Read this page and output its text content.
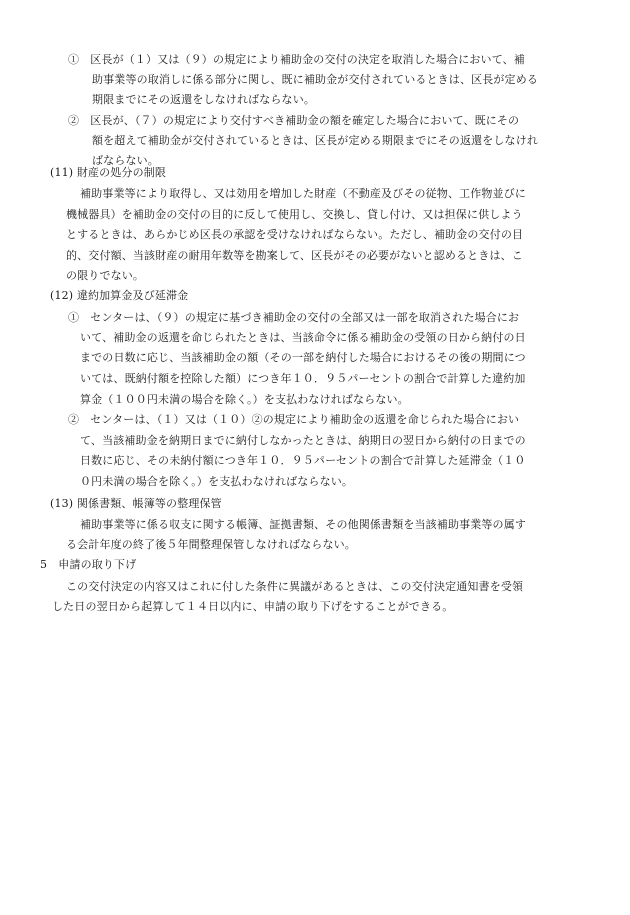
①　区長が（１）又は（９）の規定により補助金の交付の決定を取消した場合において、補
助事業等の取消しに係る部分に関し、既に補助金が交付されているときは、区長が定める
期限までにその返還をしなければならない。
②　区長が、（７）の規定により交付すべき補助金の額を確定した場合において、既にその
額を超えて補助金が交付されているときは、区長が定める期限までにその返還をしなけれ
ばならない。
(11) 財産の処分の制限
補助事業等により取得し、又は効用を増加した財産（不動産及びその従物、工作物並びに
機械器具）を補助金の交付の目的に反して使用し、交換し、貸し付け、又は担保に供しよう
とするときは、あらかじめ区長の承認を受けなければならない。ただし、補助金の交付の目
的、交付額、当該財産の耐用年数等を勘案して、区長がその必要がないと認めるときは、こ
の限りでない。
(12) 違約加算金及び延滞金
①　センターは、（９）の規定に基づき補助金の交付の全部又は一部を取消された場合にお
いて、補助金の返還を命じられたときは、当該命令に係る補助金の受領の日から納付の日
までの日数に応じ、当該補助金の額（その一部を納付した場合におけるその後の期間につ
いては、既納付額を控除した額）につき年１０．９５パーセントの割合で計算した違約加
算金（１００円未満の場合を除く。）を支払わなければならない。
②　センターは、（１）又は（１０）②の規定により補助金の返還を命じられた場合におい
て、当該補助金を納期日までに納付しなかったときは、納期日の翌日から納付の日までの
日数に応じ、その未納付額につき年１０．９５パーセントの割合で計算した延滞金（１０
０円未満の場合を除く。）を支払わなければならない。
(13) 関係書類、帳簿等の整理保管
補助事業等に係る収支に関する帳簿、証拠書類、その他関係書類を当該補助事業等の属す
る会計年度の終了後５年間整理保管しなければならない。
5　申請の取り下げ
この交付決定の内容又はこれに付した条件に異議があるときは、この交付決定通知書を受領
した日の翌日から起算して１４日以内に、申請の取り下げをすることができる。
